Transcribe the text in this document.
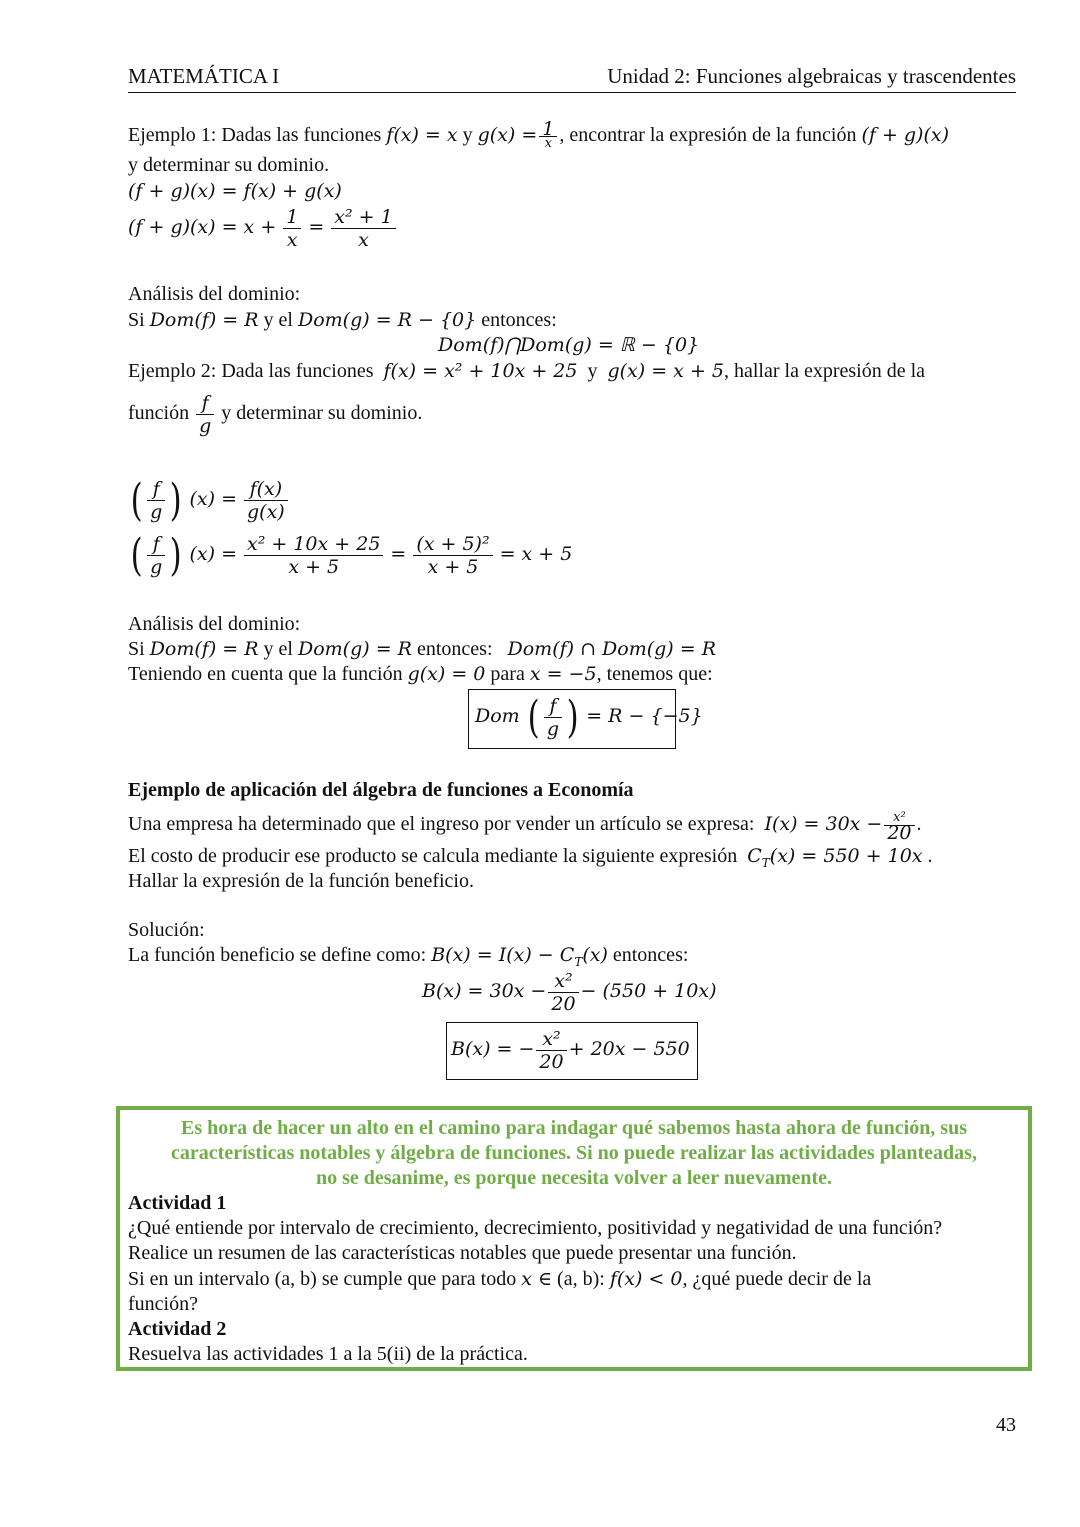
MATEMÁTICA I	Unidad 2: Funciones algebraicas y trascendentes
Ejemplo 1: Dadas las funciones f(x) = x y $g(x) = \frac{1}{x}$ , encontrar la expresión de la función (f + g)(x)
y determinar su dominio.
(f + g)(x) = f(x) + g(x)
$(f + g)(x) = x + \frac{1}{x} = \frac{\text{x² + 1}}{x}$
Análisis del dominio:
Si Dom(f) = R y el Dom(g) = R − {0} entonces:
Dom(f)⋂Dom(g) = ℝ − {0}
Ejemplo 2: Dada las funciones f(x) = x² + 10x + 25 y g(x) = x + 5, hallar la expresión de la
función $\frac{f}{g}$ y determinar su dominio.
( $\frac{f}{g}$ ) $(x) = \frac{f(x)}{g(x)}$
( $\frac{f}{g}$ ) $(x) = \frac{\text{x² + 10x + 25}}{x + 5} = \frac{\text{(x + 5)²}}{x + 5} = x + 5$
Análisis del dominio:
Si Dom(f) = R y el Dom(g) = R entonces: Dom(f) ∩ Dom(g) = R
Teniendo en cuenta que la función g(x) = 0 para x = −5, tenemos que:
Dom ( $\frac{f}{g}$ ) = R − {−5}
Ejemplo de aplicación del álgebra de funciones a Economía
Una empresa ha determinado que el ingreso por vender un artículo se expresa: $I(x) = 30x - \frac{\text{x²}}{20}$ .
El costo de producir ese producto se calcula mediante la siguiente expresión $C_T(x) = 550 + 10x$ .
Hallar la expresión de la función beneficio.
Solución:
La función beneficio se define como: $B(x) = I(x) - C_T(x)$ entonces:
$B(x) = 30x - \frac{\text{x²}}{20} - (550 + 10x)$
B(x) = − $\frac{\text{x²}}{20} + 20x - 550$
Es hora de hacer un alto en el camino para indagar qué sabemos hasta ahora de función, sus
características notables y álgebra de funciones. Si no puede realizar las actividades planteadas,
no se desanime, es porque necesita volver a leer nuevamente.
Actividad 1
¿Qué entiende por intervalo de crecimiento, decrecimiento, positividad y negatividad de una función?
Realice un resumen de las características notables que puede presentar una función.
Si en un intervalo (a, b) se cumple que para todo x ∈ (a, b): f(x) < 0, ¿qué puede decir de la
función?
Actividad 2
Resuelva las actividades 1 a la 5(ii) de la práctica.
43
